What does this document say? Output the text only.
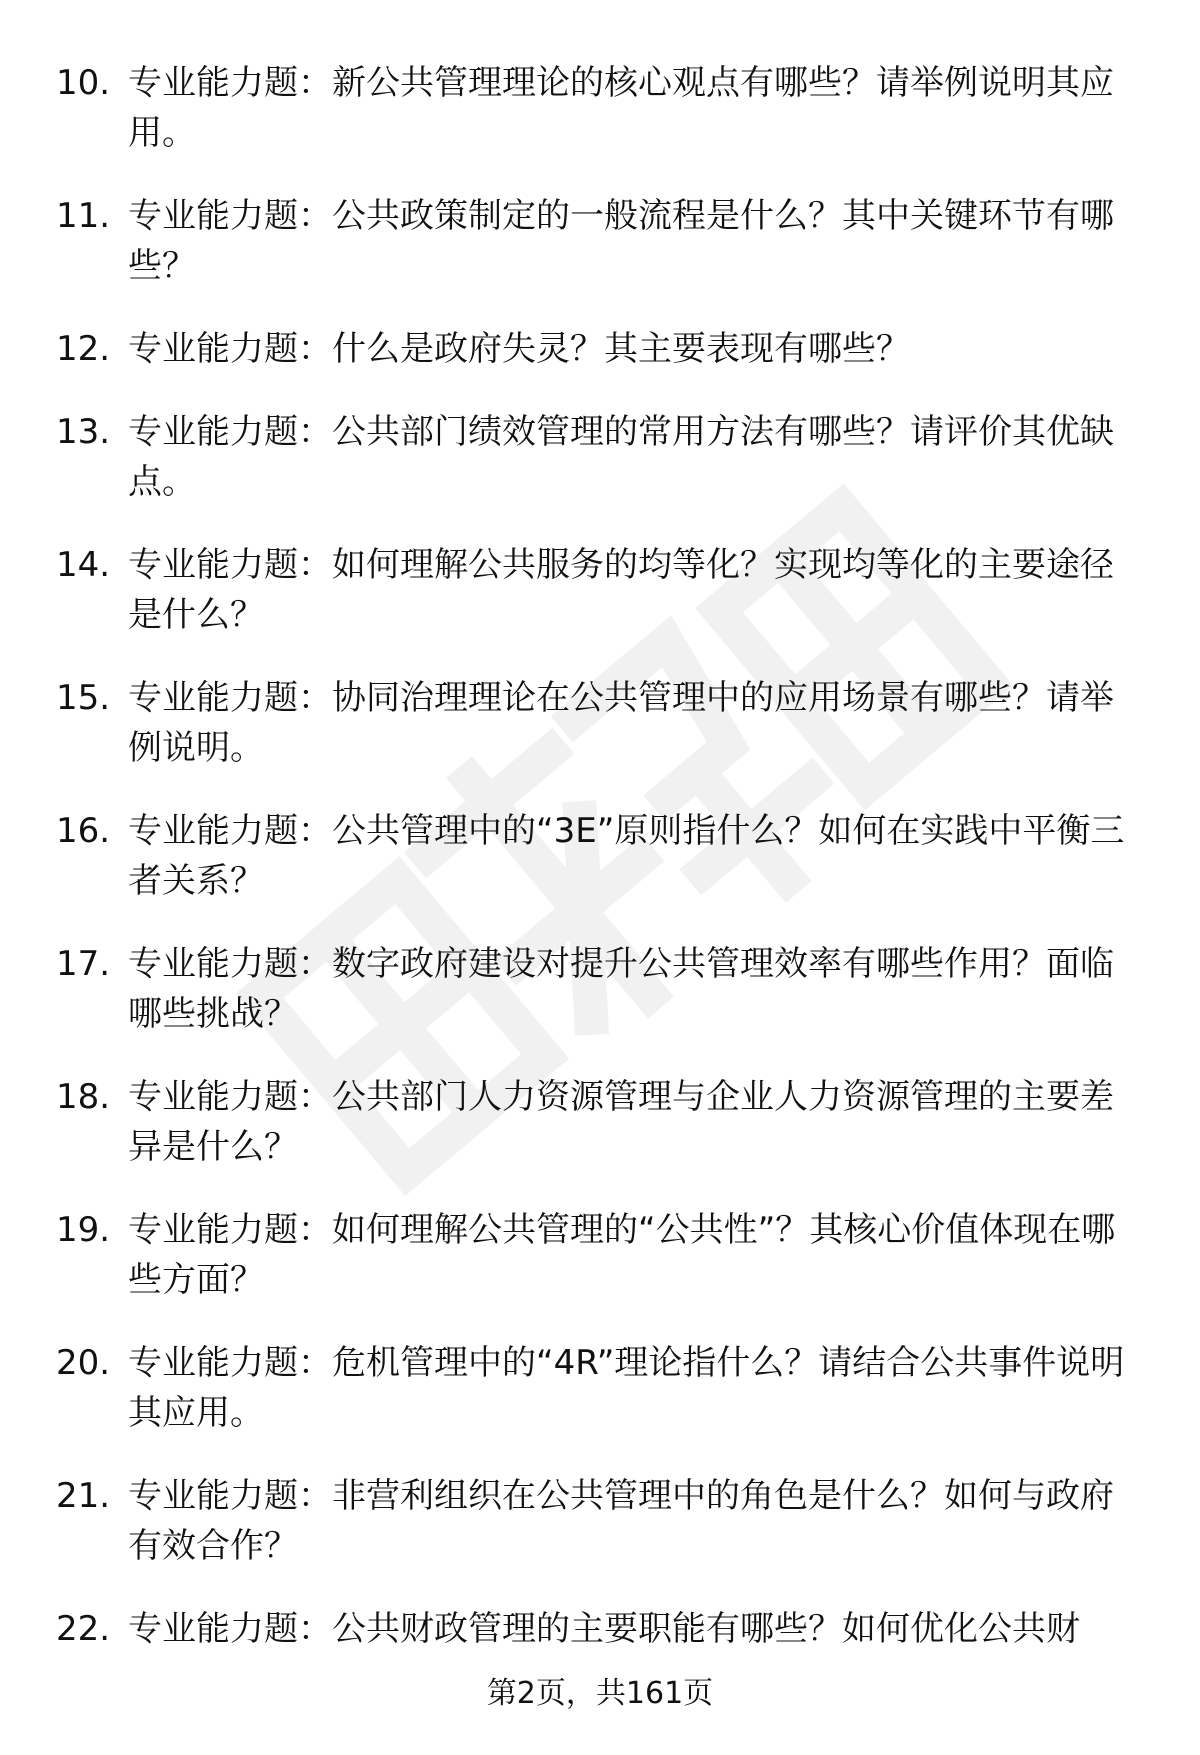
10. 专业能力题：新公共管理理论的核心观点有哪些？请举例说明其应用。
11. 专业能力题：公共政策制定的一般流程是什么？其中关键环节有哪些？
12. 专业能力题：什么是政府失灵？其主要表现有哪些？
13. 专业能力题：公共部门绩效管理的常用方法有哪些？请评价其优缺点。
14. 专业能力题：如何理解公共服务的均等化？实现均等化的主要途径是什么？
15. 专业能力题：协同治理理论在公共管理中的应用场景有哪些？请举例说明。
16. 专业能力题：公共管理中的“3E”原则指什么？如何在实践中平衡三者关系？
17. 专业能力题：数字政府建设对提升公共管理效率有哪些作用？面临哪些挑战？
18. 专业能力题：公共部门人力资源管理与企业人力资源管理的主要差异是什么？
19. 专业能力题：如何理解公共管理的“公共性”？其核心价值体现在哪些方面？
20. 专业能力题：危机管理中的“4R”理论指什么？请结合公共事件说明其应用。
21. 专业能力题：非营利组织在公共管理中的角色是什么？如何与政府有效合作？
22. 专业能力题：公共财政管理的主要职能有哪些？如何优化公共财
第2页，共161页
